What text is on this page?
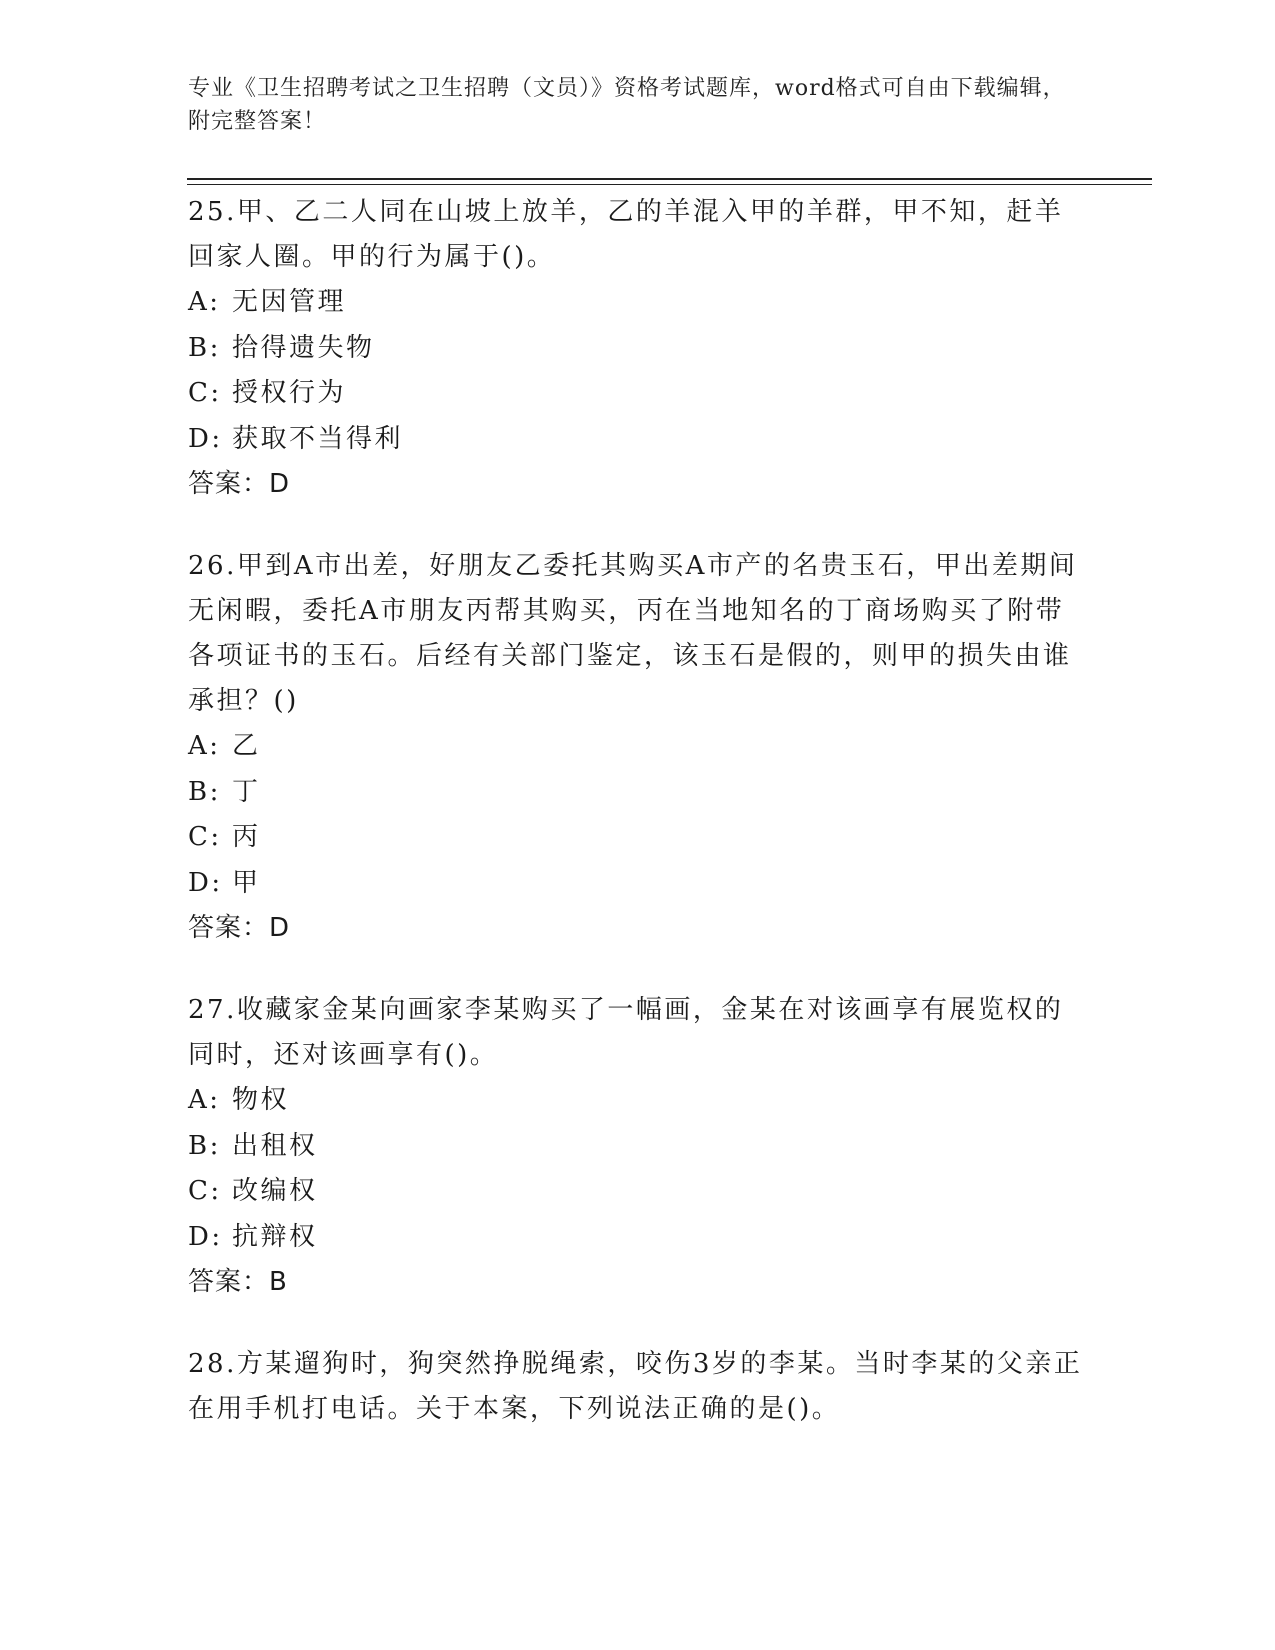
专业《卫生招聘考试之卫生招聘（文员）》资格考试题库，word格式可自由下载编辑，附完整答案！

25.甲、乙二人同在山坡上放羊，乙的羊混入甲的羊群，甲不知，赶羊回家人圈。甲的行为属于()。

A: 无因管理

B: 拾得遗失物

C: 授权行为

D: 获取不当得利

答案：D

26.甲到A市出差，好朋友乙委托其购买A市产的名贵玉石，甲出差期间无闲暇，委托A市朋友丙帮其购买，丙在当地知名的丁商场购买了附带各项证书的玉石。后经有关部门鉴定，该玉石是假的，则甲的损失由谁承担？()

A: 乙

B: 丁

C: 丙

D: 甲

答案：D

27.收藏家金某向画家李某购买了一幅画，金某在对该画享有展览权的同时，还对该画享有()。

A: 物权

B: 出租权

C: 改编权

D: 抗辩权

答案：B

28.方某遛狗时，狗突然挣脱绳索，咬伤3岁的李某。当时李某的父亲正在用手机打电话。关于本案，下列说法正确的是()。
